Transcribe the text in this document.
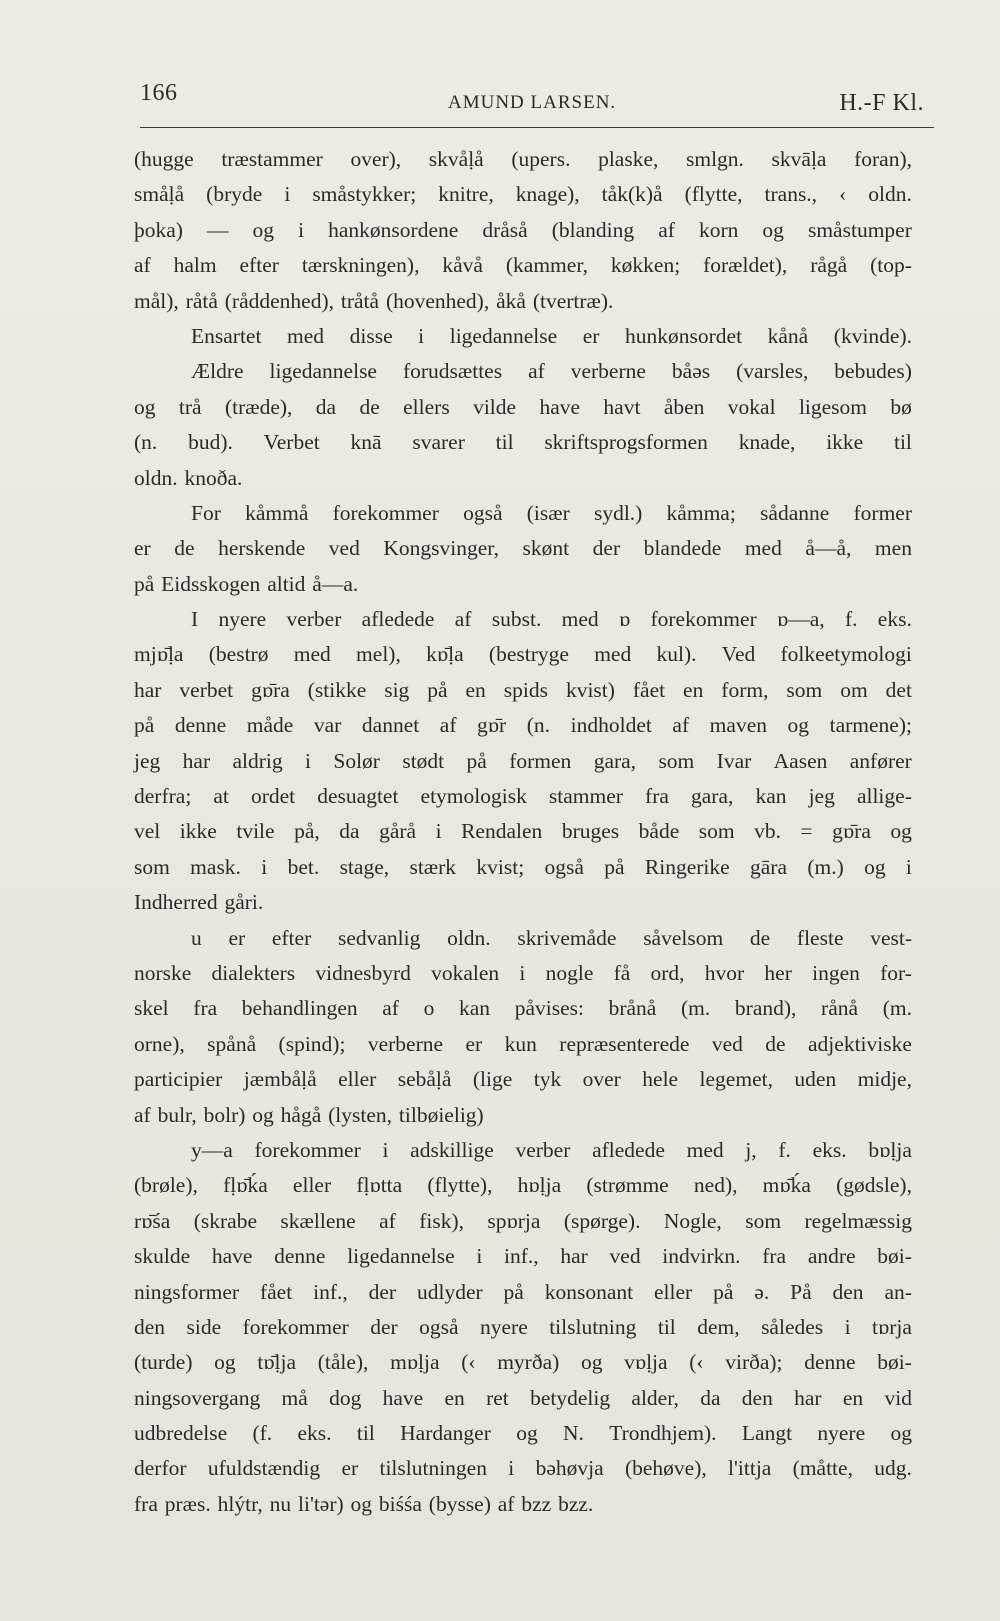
166	AMUND LARSEN.	H.-F Kl.
(hugge træstammer over), skvåḷå (upers. plaske, smlgn. skvāḷa foran),
småḷå (bryde i småstykker; knitre, knage), tåk(k)å (flytte, trans., ‹ oldn.
þoka) — og i hankønsordene dråså (blanding af korn og småstumper
af halm efter tærskningen), kåvå (kammer, køkken; forældet), rågå (top-
mål), råtå (råddenhed), tråtå (hovenhed), åkå (tvertræ).
Ensartet med disse i ligedannelse er hunkønsordet kånå (kvinde).
Ældre ligedannelse forudsættes af verberne båəs (varsles, bebudes)
og trå (træde), da de ellers vilde have havt åben vokal ligesom bø
(n. bud). Verbet knā svarer til skriftsprogsformen knade, ikke til
oldn. knoða.
For kåmmå forekommer også (især sydl.) kåmma; sådanne former
er de herskende ved Kongsvinger, skønt der blandede med å—å, men
på Eidsskogen altid å—a.
I nyere verber afledede af subst. med ɒ forekommer ɒ—a, f. eks.
mjɒ̄ḷa (bestrø med mel), kɒ̄ḷa (bestryge med kul). Ved folkeetymologi
har verbet gɒ̄ra (stikke sig på en spids kvist) fået en form, som om det
på denne måde var dannet af gɒ̄r (n. indholdet af maven og tarmene);
jeg har aldrig i Solør stødt på formen gara, som Ivar Aasen anfører
derfra; at ordet desuagtet etymologisk stammer fra gara, kan jeg allige-
vel ikke tvile på, da gårå i Rendalen bruges både som vb. = gɒ̄ra og
som mask. i bet. stage, stærk kvist; også på Ringerike gāra (m.) og i
Indherred gåri.
u er efter sedvanlig oldn. skrivemåde såvelsom de fleste vest-
norske dialekters vidnesbyrd vokalen i nogle få ord, hvor her ingen for-
skel fra behandlingen af o kan påvises: brånå (m. brand), rånå (m.
orne), spånå (spind); verberne er kun repræsenterede ved de adjektiviske
participier jæmbåḷå eller sebåḷå (lige tyk over hele legemet, uden midje,
af bulr, bolr) og hågå (lysten, tilbøielig)
y—a forekommer i adskillige verber afledede med j, f. eks. bɒḷja
(brøle), fḷɒ̄ḱa eller fḷɒtta (flytte), hɒḷja (strømme ned), mɒ̄ḱa (gødsle),
rɒ̄śa (skrabe skællene af fisk), spɒrja (spørge). Nogle, som regelmæssig
skulde have denne ligedannelse i inf., har ved indvirkn. fra andre bøi-
ningsformer fået inf., der udlyder på konsonant eller på ə. På den an-
den side forekommer der også nyere tilslutning til dem, således i tɒrja
(turde) og tɒ̄ḷja (tåle), mɒḷja (‹ myrða) og vɒḷja (‹ virða); denne bøi-
ningsovergang må dog have en ret betydelig alder, da den har en vid
udbredelse (f. eks. til Hardanger og N. Trondhjem). Langt nyere og
derfor ufuldstændig er tilslutningen i bəhøvja (behøve), l'ittja (måtte, udg.
fra præs. hlýtr, nu li'tər) og biśśa (bysse) af bzz bzz.
